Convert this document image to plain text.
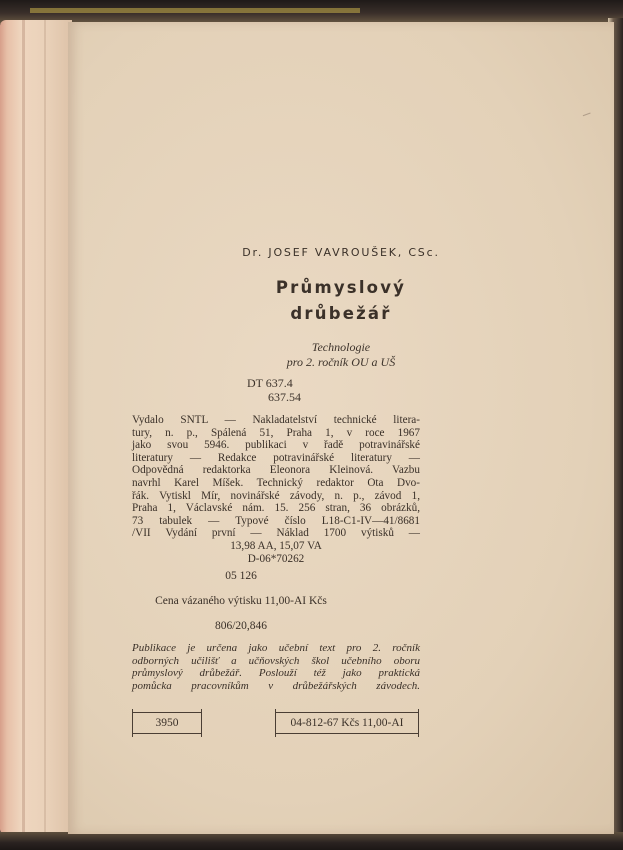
Dr. JOSEF VAVROUŠEK, CSc.
Průmyslový
drůbežář
Technologie
pro 2. ročník OU a UŠ
DT 637.4
637.54
Vydalo SNTL — Nakladatelství technické litera-
tury, n. p., Spálená 51, Praha 1, v roce 1967
jako svou 5946. publikaci v řadě potravinářské
literatury — Redakce potravinářské literatury —
Odpovědná redaktorka Eleonora Kleinová. Vazbu
navrhl Karel Míšek. Technický redaktor Ota Dvo-
řák. Vytiskl Mír, novinářské závody, n. p., závod 1,
Praha 1, Václavské nám. 15. 256 stran, 36 obrázků,
73 tabulek — Typové číslo L18-C1-IV—41/8681
/VII Vydání první — Náklad 1700 výtisků —
13,98 AA, 15,07 VA
D-06*70262
05 126
Cena vázaného výtisku 11,00-AI Kčs
806/20,846
Publikace je určena jako učební text pro 2. ročník
odborných učilišť a učňovských škol učebního oboru
průmyslový drůbežář. Poslouží též jako praktická
pomůcka pracovníkům v drůbežářských závodech.
3950	04-812-67 Kčs 11,00-AI
